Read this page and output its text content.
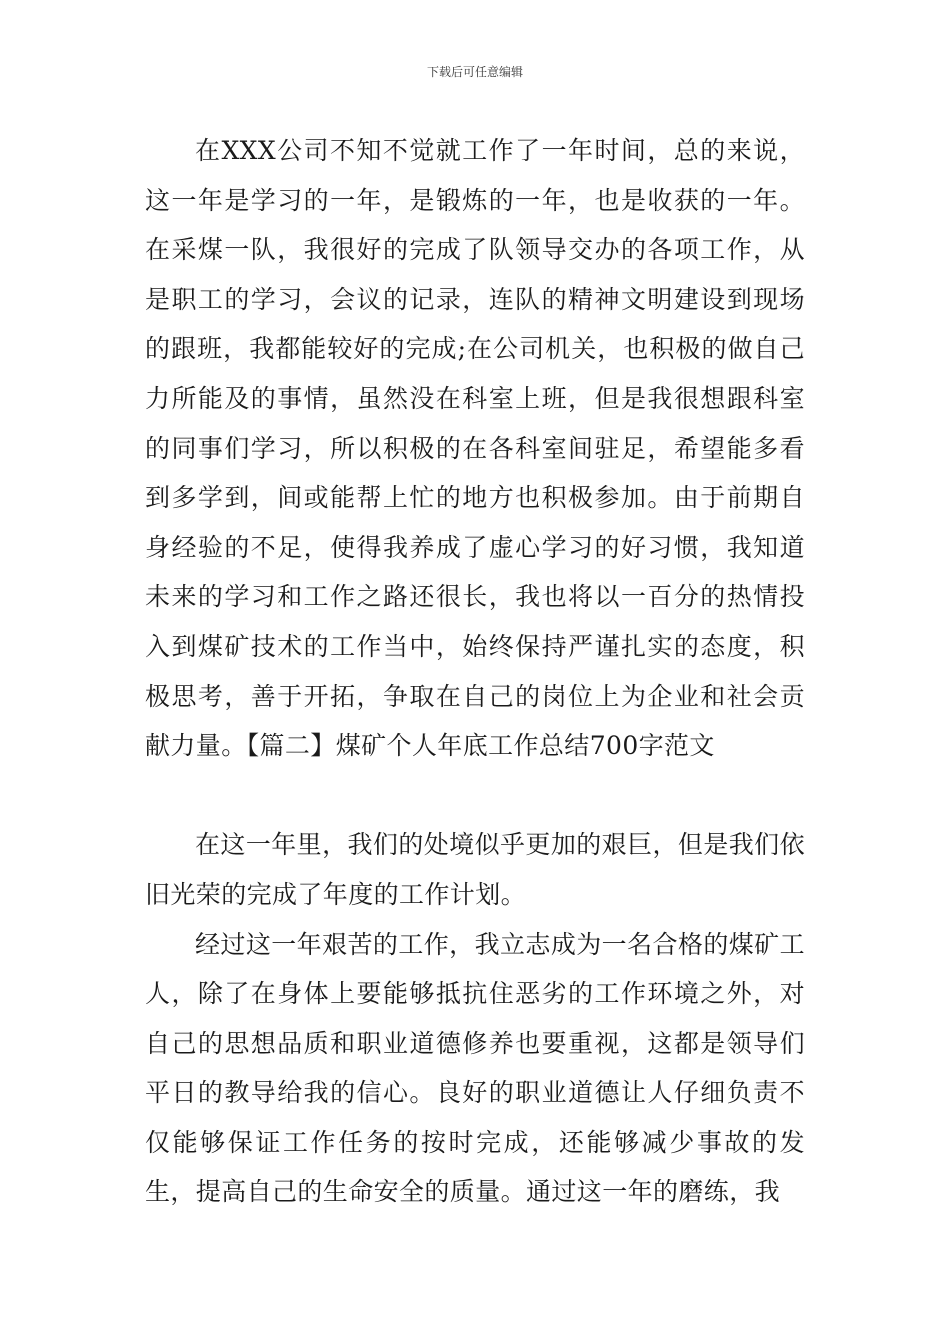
下载后可任意编辑

在XXX公司不知不觉就工作了一年时间，总的来说，这一年是学习的一年，是锻炼的一年，也是收获的一年。在采煤一队，我很好的完成了队领导交办的各项工作，从是职工的学习，会议的记录，连队的精神文明建设到现场的跟班，我都能较好的完成;在公司机关，也积极的做自己力所能及的事情，虽然没在科室上班，但是我很想跟科室的同事们学习，所以积极的在各科室间驻足，希望能多看到多学到，间或能帮上忙的地方也积极参加。由于前期自身经验的不足，使得我养成了虚心学习的好习惯，我知道未来的学习和工作之路还很长，我也将以一百分的热情投入到煤矿技术的工作当中，始终保持严谨扎实的态度，积极思考，善于开拓，争取在自己的岗位上为企业和社会贡献力量。【篇二】煤矿个人年底工作总结700字范文

在这一年里，我们的处境似乎更加的艰巨，但是我们依旧光荣的完成了年度的工作计划。

经过这一年艰苦的工作，我立志成为一名合格的煤矿工人，除了在身体上要能够抵抗住恶劣的工作环境之外，对自己的思想品质和职业道德修养也要重视，这都是领导们平日的教导给我的信心。良好的职业道德让人仔细负责不仅能够保证工作任务的按时完成，还能够减少事故的发生，提高自己的生命安全的质量。通过这一年的磨练，我
